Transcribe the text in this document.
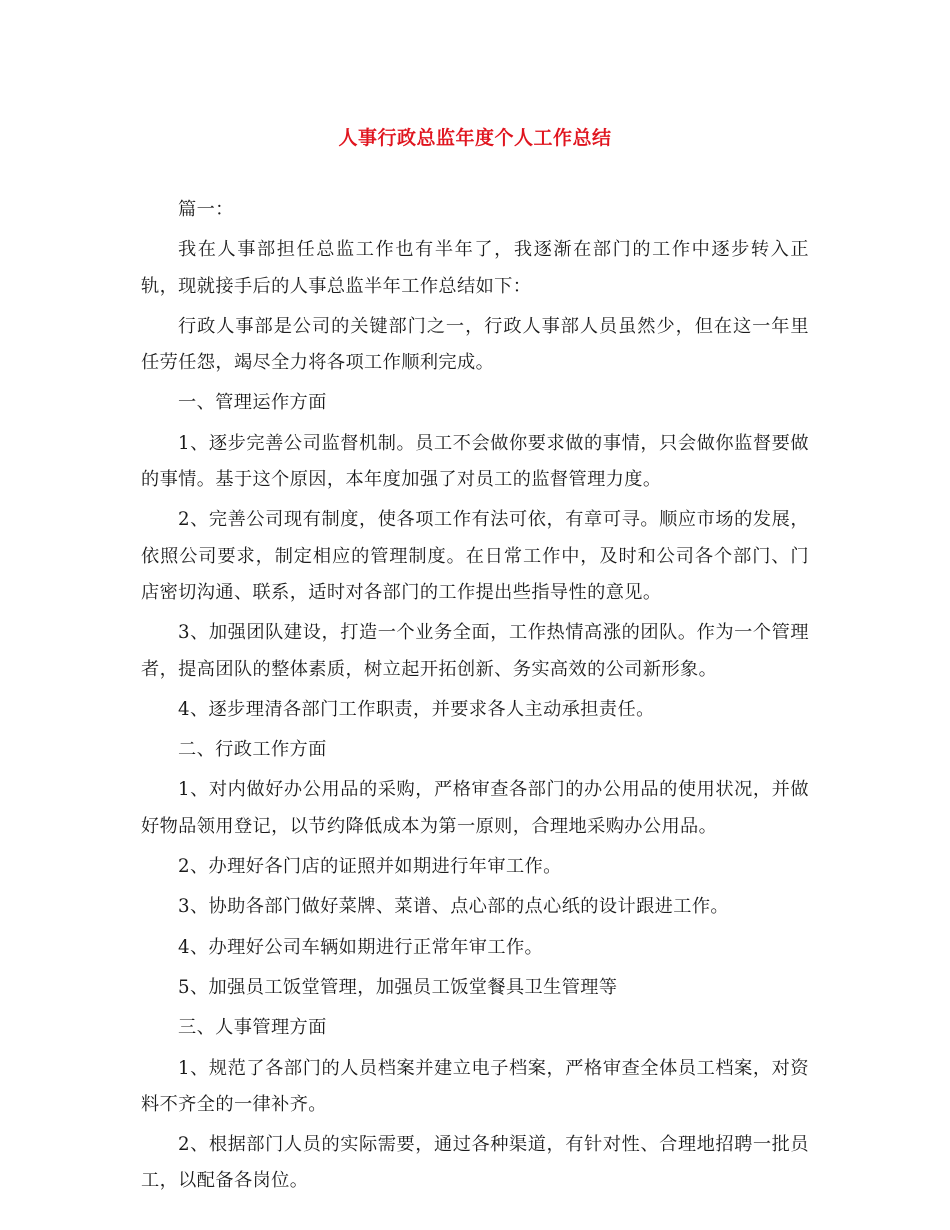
人事行政总监年度个人工作总结

篇一：

我在人事部担任总监工作也有半年了，我逐渐在部门的工作中逐步转入正轨，现就接手后的人事总监半年工作总结如下：

行政人事部是公司的关键部门之一，行政人事部人员虽然少，但在这一年里任劳任怨，竭尽全力将各项工作顺利完成。

一、管理运作方面

1、逐步完善公司监督机制。员工不会做你要求做的事情，只会做你监督要做的事情。基于这个原因，本年度加强了对员工的监督管理力度。

2、完善公司现有制度，使各项工作有法可依，有章可寻。顺应市场的发展，依照公司要求，制定相应的管理制度。在日常工作中，及时和公司各个部门、门店密切沟通、联系，适时对各部门的工作提出些指导性的意见。

3、加强团队建设，打造一个业务全面，工作热情高涨的团队。作为一个管理者，提高团队的整体素质，树立起开拓创新、务实高效的公司新形象。

4、逐步理清各部门工作职责，并要求各人主动承担责任。

二、行政工作方面

1、对内做好办公用品的采购，严格审查各部门的办公用品的使用状况，并做好物品领用登记，以节约降低成本为第一原则，合理地采购办公用品。

2、办理好各门店的证照并如期进行年审工作。

3、协助各部门做好菜牌、菜谱、点心部的点心纸的设计跟进工作。

4、办理好公司车辆如期进行正常年审工作。

5、加强员工饭堂管理，加强员工饭堂餐具卫生管理等

三、人事管理方面

1、规范了各部门的人员档案并建立电子档案，严格审查全体员工档案，对资料不齐全的一律补齐。

2、根据部门人员的实际需要，通过各种渠道，有针对性、合理地招聘一批员工，以配备各岗位。
